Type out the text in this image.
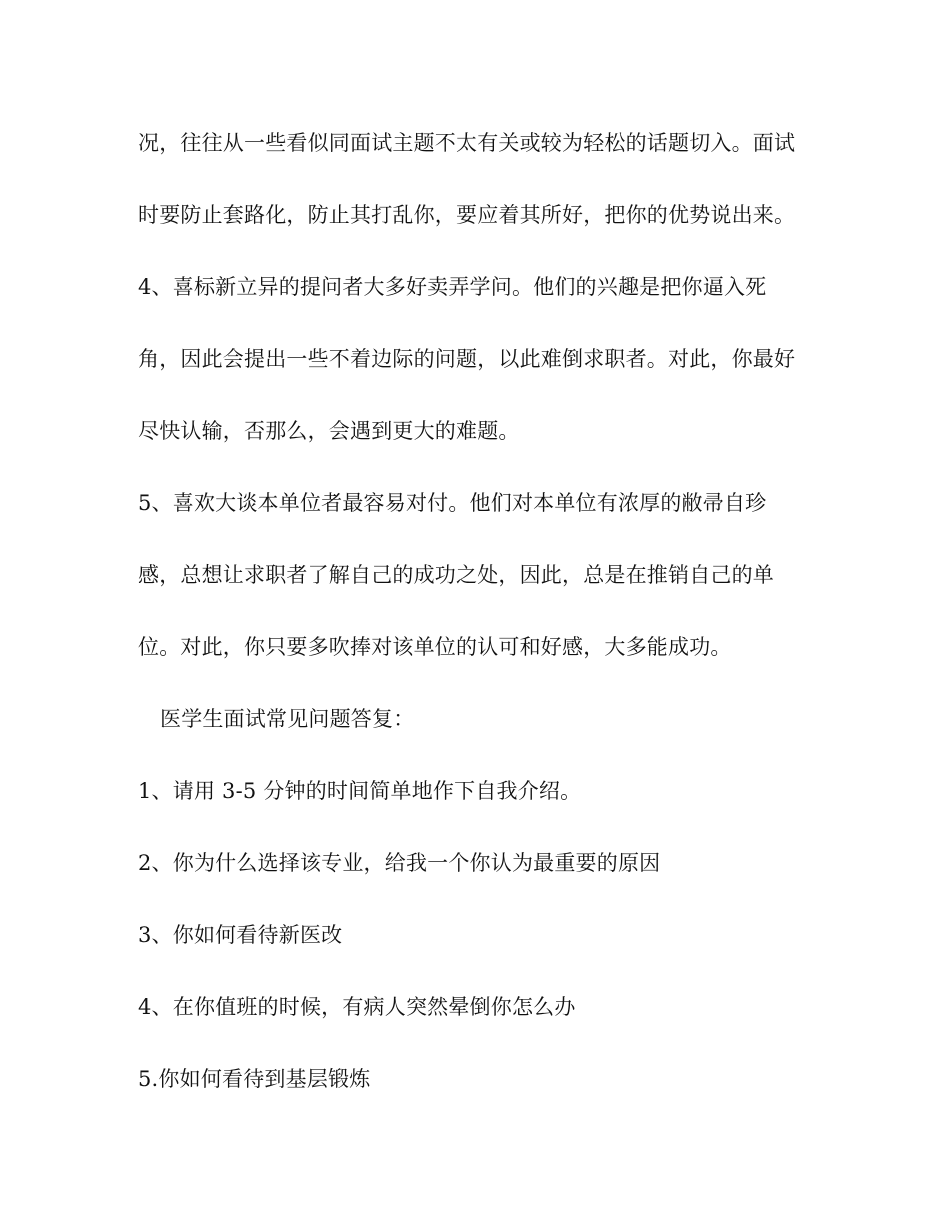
况，往往从一些看似同面试主题不太有关或较为轻松的话题切入。面试
时要防止套路化，防止其打乱你，要应着其所好，把你的优势说出来。
4、喜标新立异的提问者大多好卖弄学问。他们的兴趣是把你逼入死
角，因此会提出一些不着边际的问题，以此难倒求职者。对此，你最好
尽快认输，否那么，会遇到更大的难题。
5、喜欢大谈本单位者最容易对付。他们对本单位有浓厚的敝帚自珍
感，总想让求职者了解自己的成功之处，因此，总是在推销自己的单
位。对此，你只要多吹捧对该单位的认可和好感，大多能成功。
医学生面试常见问题答复：
1、请用 3-5 分钟的时间简单地作下自我介绍。
2、你为什么选择该专业，给我一个你认为最重要的原因
3、你如何看待新医改
4、在你值班的时候，有病人突然晕倒你怎么办
5.你如何看待到基层锻炼
